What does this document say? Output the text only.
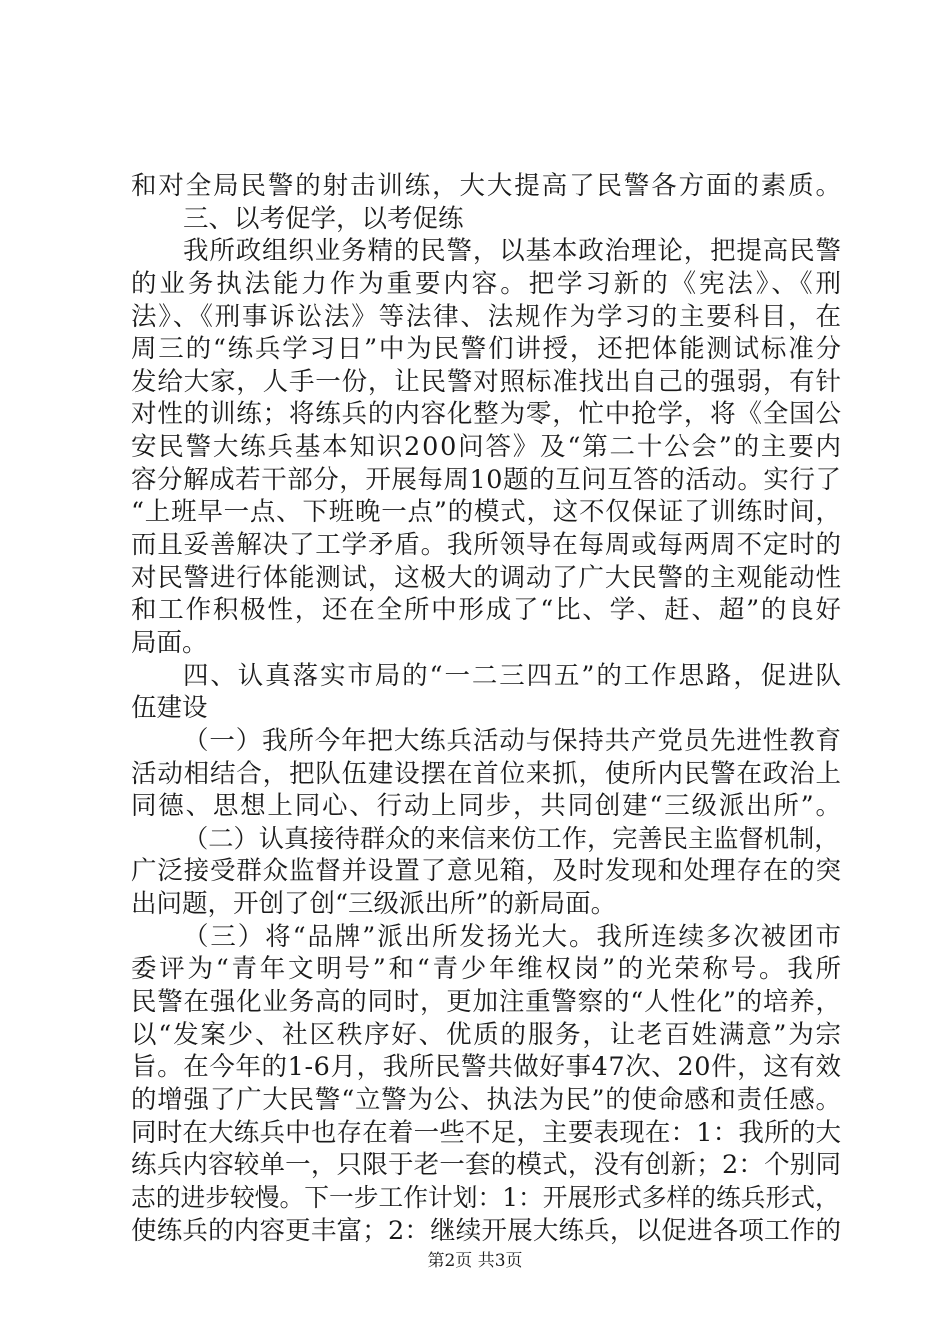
和对全局民警的射击训练，大大提高了民警各方面的素质。
三、以考促学，以考促练
我所政组织业务精的民警，以基本政治理论，把提高民警
的业务执法能力作为重要内容。把学习新的《宪法》、《刑
法》、《刑事诉讼法》等法律、法规作为学习的主要科目，在
周三的“练兵学习日”中为民警们讲授，还把体能测试标准分
发给大家，人手一份，让民警对照标准找出自己的强弱，有针
对性的训练；将练兵的内容化整为零，忙中抢学，将《全国公
安民警大练兵基本知识200问答》及“第二十公会”的主要内
容分解成若干部分，开展每周10题的互问互答的活动。实行了
“上班早一点、下班晚一点”的模式，这不仅保证了训练时间，
而且妥善解决了工学矛盾。我所领导在每周或每两周不定时的
对民警进行体能测试，这极大的调动了广大民警的主观能动性
和工作积极性，还在全所中形成了“比、学、赶、超”的良好
局面。
四、认真落实市局的“一二三四五”的工作思路，促进队
伍建设
（一）我所今年把大练兵活动与保持共产党员先进性教育
活动相结合，把队伍建设摆在首位来抓，使所内民警在政治上
同德、思想上同心、行动上同步，共同创建“三级派出所”。
（二）认真接待群众的来信来仿工作，完善民主监督机制，
广泛接受群众监督并设置了意见箱，及时发现和处理存在的突
出问题，开创了创“三级派出所”的新局面。
（三）将“品牌”派出所发扬光大。我所连续多次被团市
委评为“青年文明号”和“青少年维权岗”的光荣称号。我所
民警在强化业务高的同时，更加注重警察的“人性化”的培养，
以“发案少、社区秩序好、优质的服务，让老百姓满意”为宗
旨。在今年的1-6月，我所民警共做好事47次、20件，这有效
的增强了广大民警“立警为公、执法为民”的使命感和责任感。
同时在大练兵中也存在着一些不足，主要表现在：1：我所的大
练兵内容较单一，只限于老一套的模式，没有创新；2：个别同
志的进步较慢。下一步工作计划：1：开展形式多样的练兵形式，
使练兵的内容更丰富；2：继续开展大练兵，以促进各项工作的
第2页 共3页
